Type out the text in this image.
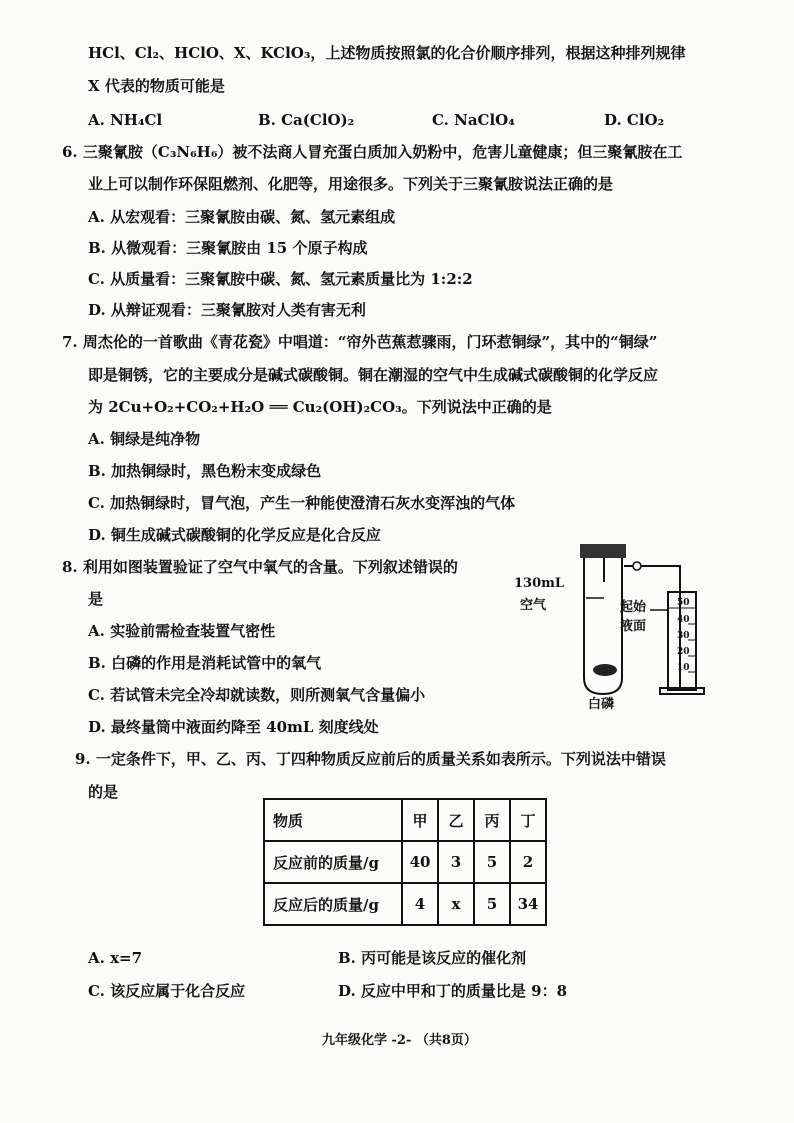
HCl、Cl₂、HClO、X、KClO₃，上述物质按照氯的化合价顺序排列，根据这种排列规律
X 代表的物质可能是
A. NH₄Cl	B. Ca(ClO)₂	C. NaClO₄	D. ClO₂
6. 三聚氰胺（C₃N₆H₆）被不法商人冒充蛋白质加入奶粉中，危害儿童健康；但三聚氰胺在工
业上可以制作环保阻燃剂、化肥等，用途很多。下列关于三聚氰胺说法正确的是
A. 从宏观看：三聚氰胺由碳、氮、氢元素组成
B. 从微观看：三聚氰胺由 15 个原子构成
C. 从质量看：三聚氰胺中碳、氮、氢元素质量比为 1:2:2
D. 从辩证观看：三聚氰胺对人类有害无利
7. 周杰伦的一首歌曲《青花瓷》中唱道：“帘外芭蕉惹骤雨，门环惹铜绿”，其中的“铜绿”
即是铜锈，它的主要成分是碱式碳酸铜。铜在潮湿的空气中生成碱式碳酸铜的化学反应
为 2Cu+O₂+CO₂+H₂O ══ Cu₂(OH)₂CO₃。下列说法中正确的是
A. 铜绿是纯净物
B. 加热铜绿时，黑色粉末变成绿色
C. 加热铜绿时，冒气泡，产生一种能使澄清石灰水变浑浊的气体
D. 铜生成碱式碳酸铜的化学反应是化合反应
8. 利用如图装置验证了空气中氧气的含量。下列叙述错误的
是
A. 实验前需检查装置气密性
B. 白磷的作用是消耗试管中的氧气
C. 若试管未完全冷却就读数，则所测氧气含量偏小
D. 最终量筒中液面约降至 40mL 刻度线处
130mL
空气	起始
液面
白磷
50
40
30
20
10
9. 一定条件下，甲、乙、丙、丁四种物质反应前后的质量关系如表所示。下列说法中错误
的是
物质	甲	乙	丙	丁
反应前的质量/g	40	3	5	2
反应后的质量/g	4	x	5	34
A. x=7	B. 丙可能是该反应的催化剂
C. 该反应属于化合反应	D. 反应中甲和丁的质量比是 9：8
九年级化学 -2- （共8页）
